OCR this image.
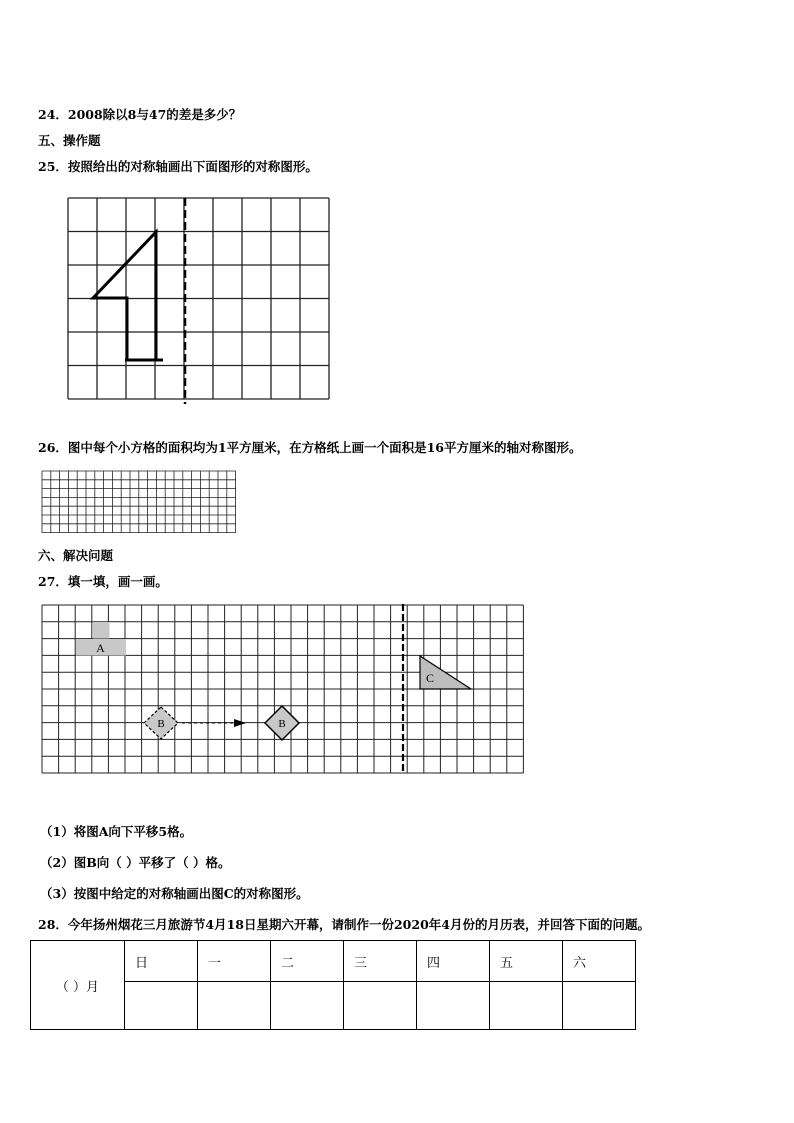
24．2008除以8与47的差是多少？
五、操作题
25．按照给出的对称轴画出下面图形的对称图形。
26．图中每个小方格的面积均为1平方厘米，在方格纸上画一个面积是16平方厘米的轴对称图形。
六、解决问题
27．填一填，画一画。
A
B	B
C
（1）将图A向下平移5格。
（2）图B向（ ）平移了（ ）格。
（3）按图中给定的对称轴画出图C的对称图形。
28．今年扬州烟花三月旅游节4月18日星期六开幕，请制作一份2020年4月份的月历表，并回答下面的问题。
（ ）月	日	一	二	三	四	五	六
